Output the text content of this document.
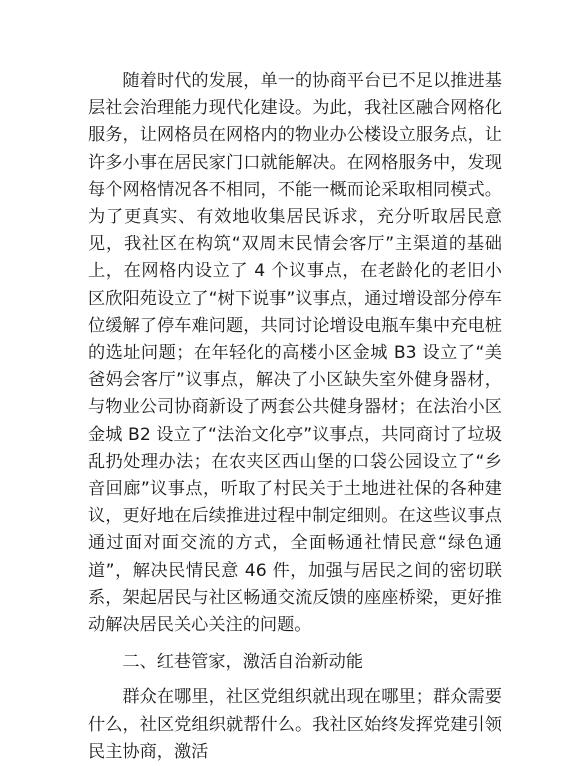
随着时代的发展，单一的协商平台已不足以推进基层社会治理能力现代化建设。为此，我社区融合网格化服务，让网格员在网格内的物业办公楼设立服务点，让许多小事在居民家门口就能解决。在网格服务中，发现每个网格情况各不相同，不能一概而论采取相同模式。为了更真实、有效地收集居民诉求，充分听取居民意见，我社区在构筑“双周末民情会客厅”主渠道的基础上，在网格内设立了 4 个议事点，在老龄化的老旧小区欣阳苑设立了“树下说事”议事点，通过增设部分停车位缓解了停车难问题，共同讨论增设电瓶车集中充电桩的选址问题；在年轻化的高楼小区金城 B3 设立了“美爸妈会客厅”议事点，解决了小区缺失室外健身器材，与物业公司协商新设了两套公共健身器材；在法治小区金城 B2 设立了“法治文化亭”议事点，共同商讨了垃圾乱扔处理办法；在农夹区西山堡的口袋公园设立了“乡音回廊”议事点，听取了村民关于土地进社保的各种建议，更好地在后续推进过程中制定细则。在这些议事点通过面对面交流的方式，全面畅通社情民意“绿色通道”，解决民情民意 46 件，加强与居民之间的密切联系，架起居民与社区畅通交流反馈的座座桥梁，更好推动解决居民关心关注的问题。

二、红巷管家，激活自治新动能

群众在哪里，社区党组织就出现在哪里；群众需要什么，社区党组织就帮什么。我社区始终发挥党建引领民主协商，激活
